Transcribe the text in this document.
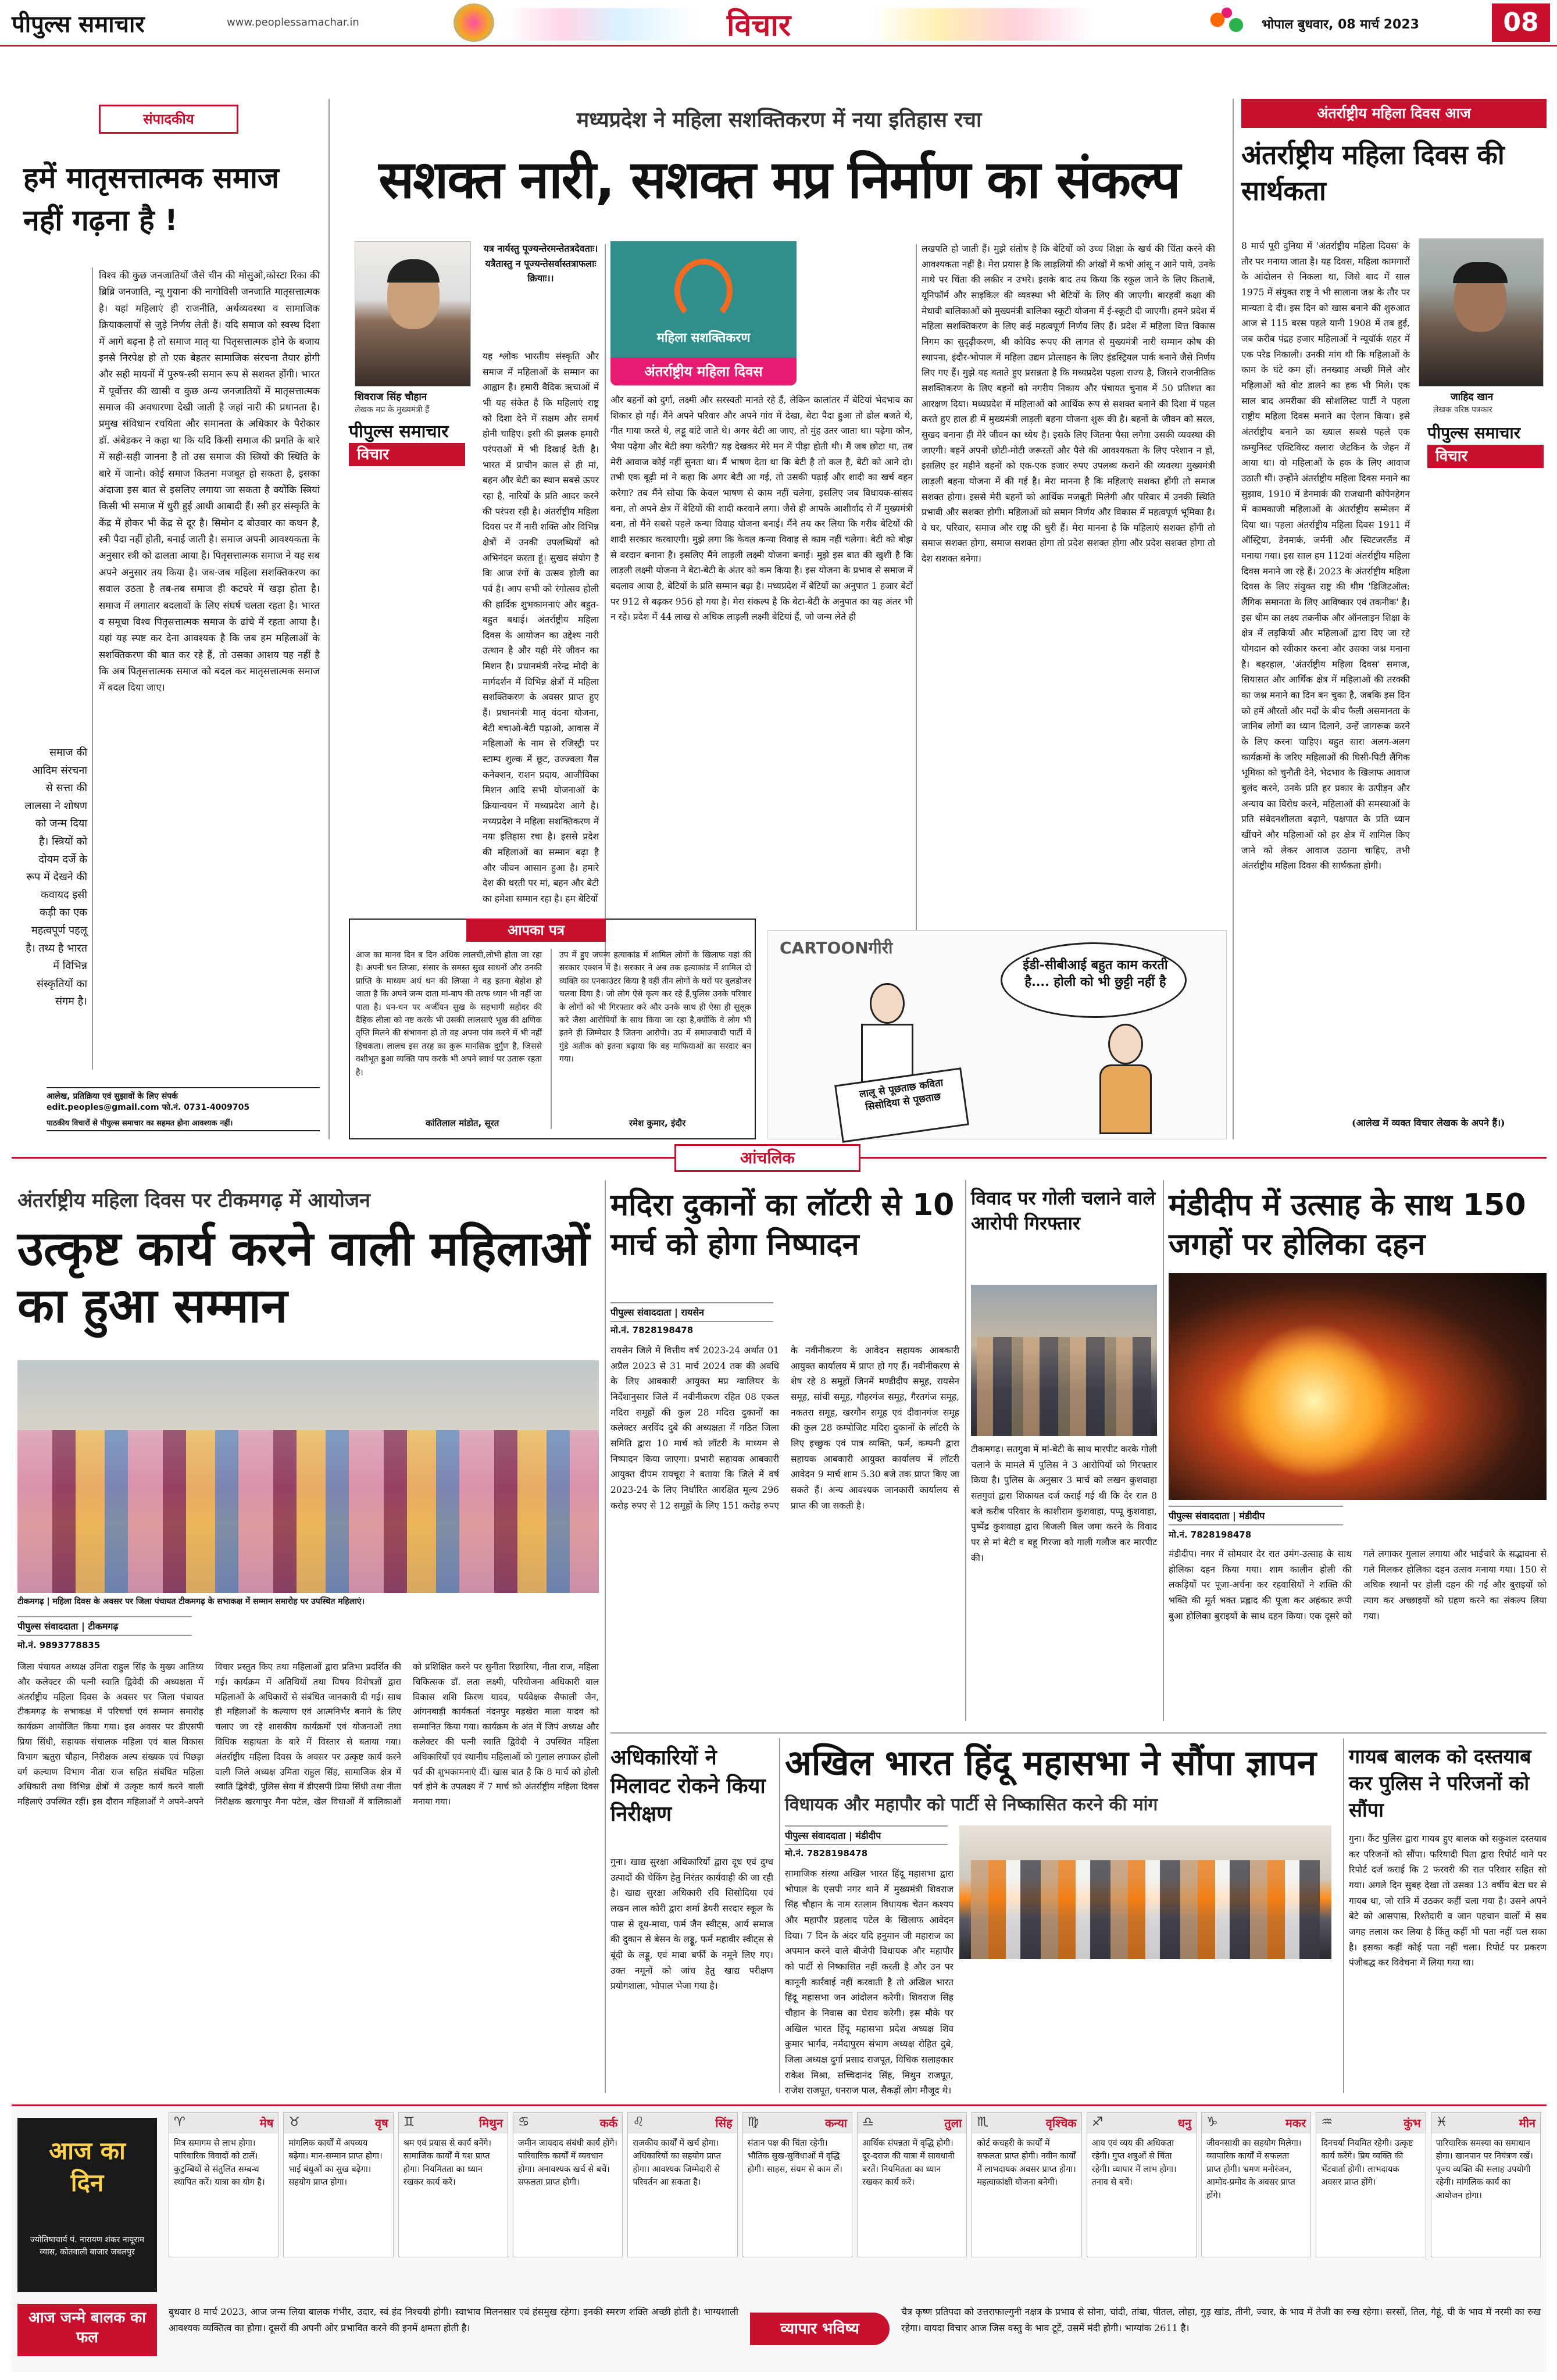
पीपुल्स समाचार	www.peoplessamachar.in	विचार	भोपाल बुधवार, 08 मार्च 2023	08
संपादकीय
हमें मातृसत्तात्मक समाज नहीं गढ़ना है !
विश्व की कुछ जनजातियों जैसे चीन की मोसुओ,कोस्टा रिका की ब्रिब्रि जनजाति, न्यू गुयाना की नागोविसी जनजाति मातृसत्तात्मक है। यहां महिलाएं ही राजनीति, अर्थव्यवस्था व सामाजिक क्रियाकलापों से जुड़े निर्णय लेती हैं। यदि समाज को स्वस्थ दिशा में आगे बढ़ना है तो समाज मातृ या पितृसत्तात्मक होने के बजाय इनसे निरपेक्ष हो तो एक बेहतर सामाजिक संरचना तैयार होगी और सही मायनों में पुरुष-स्त्री समान रूप से सशक्त होंगी। भारत में पूर्वोत्तर की खासी व कुछ अन्य जनजातियों में मातृसत्तात्मक समाज की अवधारणा देखी जाती है जहां नारी की प्रधानता है। प्रमुख संविधान रचयिता और समानता के अधिकार के पैरोकार डॉ. अंबेडकर ने कहा था कि यदि किसी समाज की प्रगति के बारे में सही-सही जानना है तो उस समाज की स्त्रियों की स्थिति के बारे में जानो। कोई समाज कितना मजबूत हो सकता है, इसका अंदाजा इस बात से इसलिए लगाया जा सकता है क्योंकि स्त्रियां किसी भी समाज में धुरी हुई आधी आबादी हैं। स्त्री हर संस्कृति के केंद्र में होकर भी केंद्र से दूर है। सिमोन द बोउवार का कथन है, स्त्री पैदा नहीं होती, बनाई जाती है। समाज अपनी आवश्यकता के अनुसार स्त्री को ढालता आया है। पितृसत्तात्मक समाज ने यह सब अपने अनुसार तय किया है। जब-जब महिला सशक्तिकरण का सवाल उठता है तब-तब समाज ही कटघरे में खड़ा होता है। समाज में लगातार बदलावों के लिए संघर्ष चलता रहता है। भारत व समूचा विश्व पितृसत्तात्मक समाज के ढांचे में रहता आया है। यहां यह स्पष्ट कर देना आवश्यक है कि जब हम महिलाओं के सशक्तिकरण की बात कर रहे हैं, तो उसका आशय यह नहीं है कि अब पितृसत्तात्मक समाज को बदल कर मातृसत्तात्मक समाज में बदल दिया जाए।
समाज की आदिम संरचना से सत्ता की लालसा ने शोषण को जन्म दिया है। स्त्रियों को दोयम दर्जे के रूप में देखने की कवायद इसी कड़ी का एक महत्वपूर्ण पहलू है। तथ्य है भारत में विभिन्न संस्कृतियों का संगम है।
आलेख, प्रतिक्रिया एवं सुझावों के लिए संपर्क
edit.peoples@gmail.com फो.नं. 0731-4009705
पाठकीय विचारों से पीपुल्स समाचार का सहमत होना आवश्यक नहीं।
मध्यप्रदेश ने महिला सशक्तिकरण में नया इतिहास रचा
सशक्त नारी, सशक्त मप्र निर्माण का संकल्प
शिवराज सिंह चौहान
लेखक मप्र के मुख्यमंत्री हैं
पीपुल्स समाचार
विचार
यत्र नार्यस्तु पूज्यन्तेरमन्तेतत्रदेवताः। यत्रैतास्तु न पूज्यन्तेसर्वास्तत्राफलाः क्रियाः।।
यह श्लोक भारतीय संस्कृति और समाज में महिलाओं के सम्मान का आह्वान है। हमारी वैदिक ऋचाओं में भी यह संकेत है कि महिलाएं राष्ट्र को दिशा देने में सक्षम और समर्थ होनी चाहिए। इसी की झलक हमारी परंपराओं में भी दिखाई देती है। भारत में प्राचीन काल से ही मां, बहन और बेटी का स्थान सबसे ऊपर रहा है, नारियों के प्रति आदर करने की परंपरा रही है। अंतर्राष्ट्रीय महिला दिवस पर मैं नारी शक्ति और विभिन्न क्षेत्रों में उनकी उपलब्धियों को अभिनंदन करता हूं। सुखद संयोग है कि आज रंगों के उत्सव होली का पर्व है। आप सभी को रंगोत्सव होली की हार्दिक शुभकामनाएं और बहुत-बहुत बधाई। अंतर्राष्ट्रीय महिला दिवस के आयोजन का उद्देश्य नारी उत्थान है और यही मेरे जीवन का मिशन है। प्रधानमंत्री नरेन्द्र मोदी के मार्गदर्शन में विभिन्न क्षेत्रों में महिला सशक्तिकरण के अवसर प्राप्त हुए हैं। प्रधानमंत्री मातृ वंदना योजना, बेटी बचाओ-बेटी पढ़ाओ, आवास में महिलाओं के नाम से रजिस्ट्री पर स्टाम्प शुल्क में छूट, उज्ज्वला गैस कनेक्शन, राशन प्रदाय, आजीविका मिशन आदि सभी योजनाओं के क्रियान्वयन में मध्यप्रदेश आगे है। मध्यप्रदेश ने महिला सशक्तिकरण में नया इतिहास रचा है। इससे प्रदेश की महिलाओं का सम्मान बढ़ा है और जीवन आसान हुआ है। हमारे देश की धरती पर मां, बहन और बेटी का हमेशा सम्मान रहा है। हम बेटियों
महिला सशक्तिकरण
अंतर्राष्ट्रीय महिला दिवस
और बहनों को दुर्गा, लक्ष्मी और सरस्वती मानते रहे हैं, लेकिन कालांतर में बेटियां भेदभाव का शिकार हो गईं। मैंने अपने परिवार और अपने गांव में देखा, बेटा पैदा हुआ तो ढोल बजते थे, गीत गाया करते थे, लड्डू बांटे जाते थे। अगर बेटी आ जाए, तो मुंह उतर जाता था। पढ़ेगा कौन, भैया पढ़ेगा और बेटी क्या करेगी? यह देखकर मेरे मन में पीड़ा होती थी। मैं जब छोटा था, तब मेरी आवाज कोई नहीं सुनता था। मैं भाषण देता था कि बेटी है तो कल है, बेटी को आने दो। तभी एक बूढ़ी मां ने कहा कि अगर बेटी आ गई, तो उसकी पढ़ाई और शादी का खर्च वहन करेगा? तब मैंने सोचा कि केवल भाषण से काम नहीं चलेगा, इसलिए जब विधायक-सांसद बना, तो अपने क्षेत्र में बेटियों की शादी करवाने लगा। जैसे ही आपके आशीर्वाद से मैं मुख्यमंत्री बना, तो मैंने सबसे पहले कन्या विवाह योजना बनाई। मैंने तय कर लिया कि गरीब बेटियों की शादी सरकार करवाएगी। मुझे लगा कि केवल कन्या विवाह से काम नहीं चलेगा। बेटी को बोझ से वरदान बनाना है। इसलिए मैंने लाड़ली लक्ष्मी योजना बनाई। मुझे इस बात की खुशी है कि लाड़ली लक्ष्मी योजना ने बेटा-बेटी के अंतर को कम किया है। इस योजना के प्रभाव से समाज में बदलाव आया है, बेटियों के प्रति सम्मान बढ़ा है। मध्यप्रदेश में बेटियों का अनुपात 1 हजार बेटों पर 912 से बढ़कर 956 हो गया है। मेरा संकल्प है कि बेटा-बेटी के अनुपात का यह अंतर भी न रहे। प्रदेश में 44 लाख से अधिक लाड़ली लक्ष्मी बेटियां हैं, जो जन्म लेते ही
लखपति हो जाती हैं। मुझे संतोष है कि बेटियों को उच्च शिक्षा के खर्च की चिंता करने की आवश्यकता नहीं है। मेरा प्रयास है कि लाड़लियों की आंखों में कभी आंसू न आने पाये, उनके माथे पर चिंता की लकीर न उभरे। इसके बाद तय किया कि स्कूल जाने के लिए किताबें, यूनिफॉर्म और साइकिल की व्यवस्था भी बेटियों के लिए की जाएगी। बारहवीं कक्षा की मेधावी बालिकाओं को मुख्यमंत्री बालिका स्कूटी योजना में ई-स्कूटी दी जाएगी। हमने प्रदेश में महिला सशक्तिकरण के लिए कई महत्वपूर्ण निर्णय लिए हैं। प्रदेश में महिला वित्त विकास निगम का सुदृढ़ीकरण, श्री कोविड रूपए की लागत से मुख्यमंत्री नारी सम्मान कोष की स्थापना, इंदौर-भोपाल में महिला उद्यम प्रोत्साहन के लिए इंडस्ट्रियल पार्क बनाने जैसे निर्णय लिए गए हैं। मुझे यह बताते हुए प्रसन्नता है कि मध्यप्रदेश पहला राज्य है, जिसने राजनीतिक सशक्तिकरण के लिए बहनों को नगरीय निकाय और पंचायत चुनाव में 50 प्रतिशत का आरक्षण दिया। मध्यप्रदेश में महिलाओं को आर्थिक रूप से सशक्त बनाने की दिशा में पहल करते हुए हाल ही में मुख्यमंत्री लाड़ली बहना योजना शुरू की है। बहनों के जीवन को सरल, सुखद बनाना ही मेरे जीवन का ध्येय है। इसके लिए जितना पैसा लगेगा उसकी व्यवस्था की जाएगी। बहनें अपनी छोटी-मोटी जरूरतों और पैसे की आवश्यकता के लिए परेशान न हों, इसलिए हर महीने बहनों को एक-एक हजार रुपए उपलब्ध कराने की व्यवस्था मुख्यमंत्री लाड़ली बहना योजना में की गई है। मेरा मानना है कि महिलाएं सशक्त होंगी तो समाज सशक्त होगा। इससे मेरी बहनों को आर्थिक मजबूती मिलेगी और परिवार में उनकी स्थिति प्रभावी और सशक्त होगी। महिलाओं को समान निर्णय और विकास में महत्वपूर्ण भूमिका है। वे घर, परिवार, समाज और राष्ट्र की धुरी हैं। मेरा मानना है कि महिलाएं सशक्त होंगी तो समाज सशक्त होगा, समाज सशक्त होगा तो प्रदेश सशक्त होगा और प्रदेश सशक्त होगा तो देश सशक्त बनेगा।
आपका पत्र
आज का मानव दिन ब दिन अधिक लालची,लोभी होता जा रहा है। अपनी धन लिप्सा, संसार के समस्त सुख साधनों और उनकी प्राप्ति के माध्यम अर्थ धन की लिप्सा ने वह इतना बेहोश हो जाता है कि अपने जन्म दाता मां-बाप की तरफ ध्यान भी नहीं जा पाता है। धन-धन पर अर्जीयन सुख के सहभागी सहोदर की दैहिक लीला को नष्ट करके भी उसकी लालसाएं भूख की क्षणिक तृप्ति मिलने की संभावना हो तो वह अपना पांव करने में भी नहीं हिचकता। लालच इस तरह का कुरू मानसिक दुर्गुण है, जिससे वशीभूत हुआ व्यक्ति पाप करके भी अपने स्वार्थ पर उतारू रहता है।
कांतिलाल मांडोत, सूरत
उप में हुए जघन्य हत्याकांड में शामिल लोगों के खिलाफ यहां की सरकार एक्शन में है। सरकार ने अब तक हत्याकांड में शामिल दो व्यक्ति का एनकाउंटर किया है वहीं तीन लोगों के घरों पर बुलडोजर चलवा दिया है। जो लोग ऐसे कृत्य कर रहे हैं,पुलिस उनके परिवार के लोगों को भी गिरफ्तार करे और उनके साथ ही ऐसा ही सुलूक करे जैसा आरोपियों के साथ किया जा रहा है,क्योंकि वे लोग भी इतने ही जिम्मेदार है जितना आरोपी। उप्र में समाजवादी पार्टी में गुंडे अतीक को इतना बढ़ाया कि वह माफियाओं का सरदार बन गया।
रमेश कुमार, इंदौर
CARTOONगीरी
ईडी-सीबीआई बहुत काम करती है.... होली को भी छुट्टी नहीं है
लालू से पूछताछ कविता सिसोदिया से पूछताछ
अंतर्राष्ट्रीय महिला दिवस आज
अंतर्राष्ट्रीय महिला दिवस की सार्थकता
जाहिद खान
लेखक वरिष्ठ पत्रकार
पीपुल्स समाचार
विचार
8 मार्च पूरी दुनिया में 'अंतर्राष्ट्रीय महिला दिवस' के तौर पर मनाया जाता है। यह दिवस, महिला कामगारों के आंदोलन से निकला था, जिसे बाद में साल 1975 में संयुक्त राष्ट्र ने भी सालाना जश्न के तौर पर मान्यता दे दी। इस दिन को खास बनाने की शुरुआत आज से 115 बरस पहले यानी 1908 में तब हुई, जब करीब पंद्रह हजार महिलाओं ने न्यूयॉर्क शहर में एक परेड निकाली। उनकी मांग थी कि महिलाओं के काम के घंटे कम हों। तनख्वाह अच्छी मिले और महिलाओं को वोट डालने का हक भी मिले। एक साल बाद अमरीका की सोशलिस्ट पार्टी ने पहला राष्ट्रीय महिला दिवस मनाने का ऐलान किया। इसे अंतर्राष्ट्रीय बनाने का ख्याल सबसे पहले एक कम्युनिस्ट एक्टिविस्ट क्लारा जेटकिन के जेहन में आया था। वो महिलाओं के हक के लिए आवाज उठाती थीं। उन्होंने अंतर्राष्ट्रीय महिला दिवस मनाने का सुझाव, 1910 में डेनमार्क की राजधानी कोपेनहेगन में कामकाजी महिलाओं के अंतर्राष्ट्रीय सम्मेलन में दिया था। पहला अंतर्राष्ट्रीय महिला दिवस 1911 में ऑस्ट्रिया, डेनमार्क, जर्मनी और स्विटजरलैंड में मनाया गया। इस साल हम 112वां अंतर्राष्ट्रीय महिला दिवस मनाने जा रहे हैं। 2023 के अंतर्राष्ट्रीय महिला दिवस के लिए संयुक्त राष्ट्र की थीम 'डिजिटऑल: लैंगिक समानता के लिए आविष्कार एवं तकनीक' है। इस थीम का लक्ष्य तकनीक और ऑनलाइन शिक्षा के क्षेत्र में लड़कियों और महिलाओं द्वारा दिए जा रहे योगदान को स्वीकार करना और उसका जश्न मनाना है। बहरहाल, 'अंतर्राष्ट्रीय महिला दिवस' समाज, सियासत और आर्थिक क्षेत्र में महिलाओं की तरक्की का जश्न मनाने का दिन बन चुका है, जबकि इस दिन को हमें औरतों और मर्दों के बीच फैली असमानता के जानिब लोगों का ध्यान दिलाने, उन्हें जागरूक करने के लिए करना चाहिए। बहुत सारा अलग-अलग कार्यक्रमों के जरिए महिलाओं की घिसी-पिटी लैंगिक भूमिका को चुनौती देने, भेदभाव के खिलाफ आवाज बुलंद करने, उनके प्रति हर प्रकार के उत्पीड़न और अन्याय का विरोध करने, महिलाओं की समस्याओं के प्रति संवेदनशीलता बढ़ाने, पक्षपात के प्रति ध्यान खींचने और महिलाओं को हर क्षेत्र में शामिल किए जाने को लेकर आवाज उठाना चाहिए, तभी अंतर्राष्ट्रीय महिला दिवस की सार्थकता होगी।
(आलेख में व्यक्त विचार लेखक के अपने हैं।)
आंचलिक
अंतर्राष्ट्रीय महिला दिवस पर टीकमगढ़ में आयोजन
उत्कृष्ट कार्य करने वाली महिलाओं का हुआ सम्मान
टीकमगढ़ | महिला दिवस के अवसर पर जिला पंचायत टीकमगढ़ के सभाकक्ष में सम्मान समारोह पर उपस्थित महिलाएं।
पीपुल्स संवाददाता | टीकमगढ़
मो.नं. 9893778835
जिला पंचायत अध्यक्ष उमिता राहुल सिंह के मुख्य आतिथ्य और कलेक्टर की पत्नी स्वाति द्विवेदी की अध्यक्षता में अंतर्राष्ट्रीय महिला दिवस के अवसर पर जिला पंचायत टीकमगढ़ के सभाकक्ष में परिचर्चा एवं सम्मान समारोह कार्यक्रम आयोजित किया गया। इस अवसर पर डीएसपी प्रिया सिंधी, सहायक संचालक महिला एवं बाल विकास विभाग ऋतुरा चौहान, निरीक्षक अल्प संख्यक एवं पिछड़ा वर्ग कल्याण विभाग नीता राज सहित संबंधित महिला अधिकारी तथा विभिन्न क्षेत्रों में उत्कृष्ट कार्य करने वाली महिलाएं उपस्थित रहीं। इस दौरान महिलाओं ने अपने-अपने विचार प्रस्तुत किए तथा महिलाओं द्वारा प्रतिभा प्रदर्शित की गई। कार्यक्रम में अतिथियों तथा विषय विशेषज्ञों द्वारा महिलाओं के अधिकारों से संबंधित जानकारी दी गई। साथ ही महिलाओं के कल्याण एवं आत्मनिर्भर बनाने के लिए चलाए जा रहे शासकीय कार्यक्रमों एवं योजनाओं तथा विधिक सहायता के बारे में विस्तार से बताया गया। अंतर्राष्ट्रीय महिला दिवस के अवसर पर उत्कृष्ट कार्य करने वाली जिले अध्यक्ष उमिता राहुल सिंह, सामाजिक क्षेत्र में स्वाति द्विवेदी, पुलिस सेवा में डीएसपी प्रिया सिंधी तथा नीता निरीक्षक खरगापुर मैना पटेल, खेल विधाओं में बालिकाओं को प्रशिक्षित करने पर सुनीता रिछारिया, नीता राज, महिला चिकित्सक डॉ. लता लक्ष्मी, परियोजना अधिकारी बाल विकास शशि किरण यादव, पर्यवेक्षक सैफाली जैन, आंगनबाड़ी कार्यकर्ता नंदनपुर मड़खेरा माला यादव को सम्मानित किया गया। कार्यक्रम के अंत में जिपं अध्यक्ष और कलेक्टर की पत्नी स्वाति द्विवेदी ने उपस्थित महिला अधिकारियों एवं स्थानीय महिलाओं को गुलाल लगाकर होली पर्व की शुभकामनाएं दीं। खास बात है कि 8 मार्च को होली पर्व होने के उपलक्ष्य में 7 मार्च को अंतर्राष्ट्रीय महिला दिवस मनाया गया।
मदिरा दुकानों का लॉटरी से 10 मार्च को होगा निष्पादन
पीपुल्स संवाददाता | रायसेन
मो.नं. 7828198478
रायसेन जिले में वित्तीय वर्ष 2023-24 अर्थात 01 अप्रैल 2023 से 31 मार्च 2024 तक की अवधि के लिए आबकारी आयुक्त मप्र ग्वालियर के निर्देशानुसार जिले में नवीनीकरण रहित 08 एकल मदिरा समूहों की कुल 28 मदिरा दुकानों का कलेक्टर अरविंद दुबे की अध्यक्षता में गठित जिला समिति द्वारा 10 मार्च को लॉटरी के माध्यम से निष्पादन किया जाएगा। प्रभारी सहायक आबकारी आयुक्त दीपम रायचूरा ने बताया कि जिले में वर्ष 2023-24 के लिए निर्धारित आरक्षित मूल्य 296 करोड़ रुपए से 12 समूहों के लिए 151 करोड़ रुपए के नवीनीकरण के आवेदन सहायक आबकारी आयुक्त कार्यालय में प्राप्त हो गए हैं। नवीनीकरण से शेष रहे 8 समूहों जिनमें मण्डीदीप समूह, रायसेन समूह, सांची समूह, गौहरगंज समूह, गैरतगंज समूह, नकतरा समूह, खरगौन समूह एवं दीवानगंज समूह की कुल 28 कम्पोजिट मदिरा दुकानों के लॉटरी के लिए इच्छुक एवं पात्र व्यक्ति, फर्म, कम्पनी द्वारा सहायक आबकारी आयुक्त कार्यालय में लॉटरी आवेदन 9 मार्च शाम 5.30 बजे तक प्राप्त किए जा सकते हैं। अन्य आवश्यक जानकारी कार्यालय से प्राप्त की जा सकती है।
विवाद पर गोली चलाने वाले आरोपी गिरफ्तार
टीकमगढ़। सतगुवा में मां-बेटी के साथ मारपीट करके गोली चलाने के मामले में पुलिस ने 3 आरोपियों को गिरफ्तार किया है। पुलिस के अनुसार 3 मार्च को लखन कुशवाहा सतगुवां द्वारा शिकायत दर्ज कराई गई थी कि देर रात 8 बजे करीब परिवार के काशीराम कुशवाहा, पप्पू कुशवाहा, पुष्पेंद्र कुशवाहा द्वारा बिजली बिल जमा करने के विवाद पर से मां बेटी व बहू गिरजा को गाली गलौज कर मारपीट की।
मंडीदीप में उत्साह के साथ 150 जगहों पर होलिका दहन
पीपुल्स संवाददाता | मंडीदीप
मो.नं. 7828198478
मंडीदीप। नगर में सोमवार देर रात उमंग-उत्साह के साथ होलिका दहन किया गया। शाम कालीन होली की लकड़ियों पर पूजा-अर्चना कर रहवासियों ने शक्ति की भक्ति की मूर्त भक्त प्रह्लाद की पूजा कर अहंकार रूपी बुआ होलिका बुराइयों के साथ दहन किया। एक दूसरे को गले लगाकर गुलाल लगाया और भाईचारे के सद्भावना से गले मिलकर होलिका दहन उत्सव मनाया गया। 150 से अधिक स्थानों पर होली दहन की गई और बुराइयों को त्याग कर अच्छाइयों को ग्रहण करने का संकल्प लिया गया।
अधिकारियों ने मिलावट रोकने किया निरीक्षण
गुना। खाद्य सुरक्षा अधिकारियों द्वारा दूध एवं दुग्ध उत्पादों की चेकिंग हेतु निरंतर कार्यवाही की जा रही है। खाद्य सुरक्षा अधिकारी रवि सिसोदिया एवं लखन लाल कोरी द्वारा शर्मा डेयरी सरदार स्कूल के पास से दूध-मावा, फर्म जैन स्वीट्स, आर्य समाज की दुकान से बेसन के लड्डू, फर्म महावीर स्वीट्स से बूंदी के लड्डू, एवं मावा बर्फी के नमूने लिए गए। उक्त नमूनों को जांच हेतु खाद्य परीक्षण प्रयोगशाला, भोपाल भेजा गया है।
अखिल भारत हिंदू महासभा ने सौंपा ज्ञापन
विधायक और महापौर को पार्टी से निष्कासित करने की मांग
पीपुल्स संवाददाता | मंडीदीप
मो.नं. 7828198478
सामाजिक संस्था अखिल भारत हिंदू महासभा द्वारा भोपाल के एसपी नगर थाने में मुख्यमंत्री शिवराज सिंह चौहान के नाम रतलाम विधायक चेतन कश्यप और महापौर प्रहलाद पटेल के खिलाफ आवेदन दिया। 7 दिन के अंदर यदि हनुमान जी महाराज का अपमान करने वाले बीजेपी विधायक और महापौर को पार्टी से निष्कासित नहीं करती है और उन पर कानूनी कार्रवाई नहीं करवाती है तो अखिल भारत हिंदू महासभा जन आंदोलन करेगी। शिवराज सिंह चौहान के निवास का घेराव करेगी। इस मौके पर अखिल भारत हिंदू महासभा प्रदेश अध्यक्ष शिव कुमार भार्गव, नर्मदापुरम संभाग अध्यक्ष रोहित दुबे, जिला अध्यक्ष दुर्गा प्रसाद राजपूत, विधिक सलाहकार राकेश मिश्रा, सच्चिदानंद सिंह, मिथुन राजपूत, राजेश राजपूत, धनराज पाल, सैकड़ों लोग मौजूद थे।
गायब बालक को दस्तयाब कर पुलिस ने परिजनों को सौंपा
गुना। कैंट पुलिस द्वारा गायब हुए बालक को सकुशल दस्तयाब कर परिजनों को सौंपा। फरियादी पिता द्वारा रिपोर्ट थाने पर रिपोर्ट दर्ज कराई कि 2 फरवरी की रात परिवार सहित सो गया। अगले दिन सुबह देखा तो उसका 13 वर्षीय बेटा घर से गायब था, जो रात्रि में उठकर कहीं चला गया है। उसने अपने बेटे को आसपास, रिश्तेदारी व जान पहचान वालों में सब जगह तलाश कर लिया है किंतु कहीं भी पता नहीं चल सका है। इसका कहीं कोई पता नहीं चला। रिपोर्ट पर प्रकरण पंजीबद्ध कर विवेचना में लिया गया था।
आज का दिन
ज्योतिषाचार्य पं. नारायण शंकर नायूराम व्यास, कोतवाली बाजार जबलपुर
♈	मेष
मित्र समागम से लाभ होगा। पारिवारिक विवादों को टालें। कुटुम्बियों से संतुलित सम्बन्ध स्थापित करें। यात्रा का योग है।
♉	वृष
मांगलिक कार्यों में अपव्यय बढ़ेगा। मान-सम्मान प्राप्त होगा। भाई बंधुओं का सुख बढ़ेगा। सहयोग प्राप्त होगा।
♊	मिथुन
श्रम एवं प्रयास से कार्य बनेंगे। सामाजिक कार्यों में यश प्राप्त होगा। नियमितता का ध्यान रखकर कार्य करें।
♋	कर्क
जमीन जायदाद संबंधी कार्य होंगे। पारिवारिक कार्यों में व्यवधान होगा। अनावश्यक खर्च से बचें। सफलता प्राप्त होगी।
♌	सिंह
राजकीय कार्यों में खर्च होगा। अधिकारियों का सहयोग प्राप्त होगा। आवश्यक जिम्मेदारी से परिवर्तन आ सकता है।
♍	कन्या
संतान पक्ष की चिंता रहेगी। भौतिक सुख-सुविधाओं में वृद्धि होगी। साहस, संयम से काम लें।
♎	तुला
आर्थिक संपन्नता में वृद्धि होगी। दूर-दराज की यात्रा में सावधानी बरतें। नियमितता का ध्यान रखकर कार्य करें।
♏	वृश्चिक
कोर्ट कचहरी के कार्यों में सफलता प्राप्त होगी। नवीन कार्यों में लाभदायक अवसर प्राप्त होगा। महत्वाकांक्षी योजना बनेगी।
♐	धनु
आय एवं व्यय की अधिकता रहेगी। गुप्त शत्रुओं से चिंता रहेगी। व्यापार में लाभ होगा। तनाव से बचें।
♑	मकर
जीवनसाथी का सहयोग मिलेगा। व्यापारिक कार्यों में सफलता प्राप्त होगी। भ्रमण मनोरंजन, आमोद-प्रमोद के अवसर प्राप्त होंगे।
♒	कुंभ
दिनचर्या नियमित रहेगी। उत्कृष्ट कार्य करेंगे। प्रिय व्यक्ति की भेंटवार्ता होगी। लाभदायक अवसर प्राप्त होंगे।
♓	मीन
पारिवारिक समस्या का समाधान होगा। खानपान पर नियंत्रण रखें। पूज्य व्यक्ति की सलाह उपयोगी रहेगी। मांगलिक कार्य का आयोजन होगा।
आज जन्मे बालक का फल
बुधवार 8 मार्च 2023, आज जन्म लिया बालक गंभीर, उदार, स्वं हंद निश्चयी होगी। स्वाभाव मिलनसार एवं हंसमुख रहेगा। इनकी स्मरण शक्ति अच्छी होती है। भाग्यशाली आवश्यक व्यक्तित्व का होगा। दूसरों की अपनी ओर प्रभावित करने की इनमें क्षमता होती है।	व्यापार भविष्य
चैत्र कृष्ण प्रतिपदा को उत्तराफाल्गुनी नक्षत्र के प्रभाव से सोना, चांदी, तांबा, पीतल, लोहा, गुड़ खांड, तीनी, ज्वार, के भाव में तेजी का रुख रहेगा। सरसों, तिल, गेहूं, घी के भाव में नरमी का रुख रहेगा। वायदा विचार आज जिस वस्तु के भाव टूटें, उसमें मंदी होगी। भाग्यांक 2611 है।
